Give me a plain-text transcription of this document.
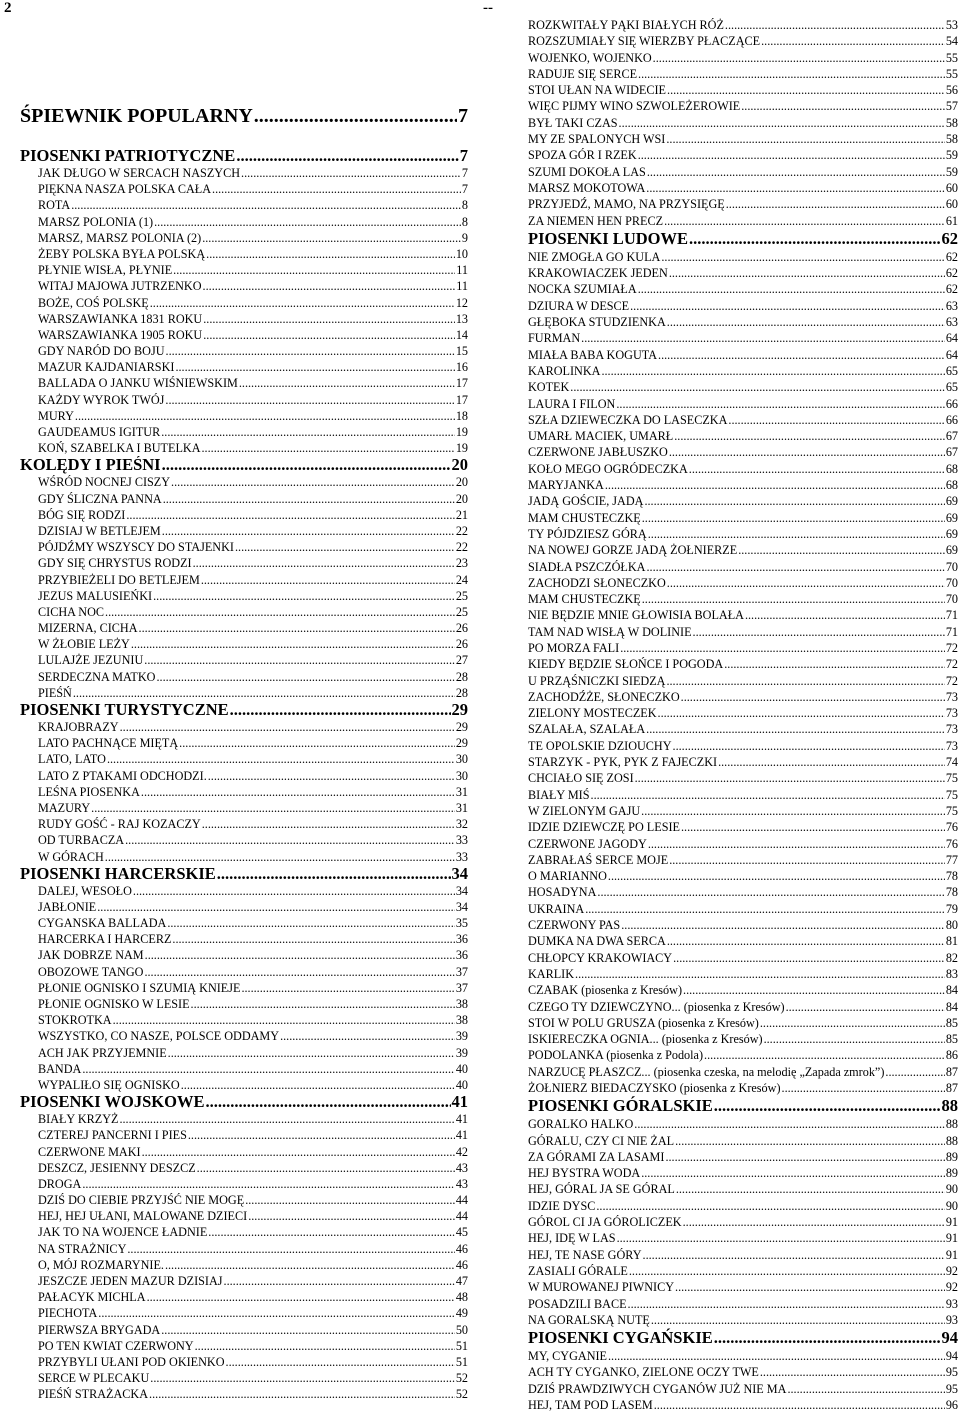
2	--
ŚPIEWNIK POPULARNY .....	7
PIOSENKI PATRIOTYCZNE .....	7
JAK DŁUGO W SERCACH NASZYCH .....	7
PIĘKNA NASZA POLSKA CAŁA .....	7
ROTA .....	8
MARSZ POLONIA (1) .....	8
MARSZ, MARSZ POLONIA (2) .....	9
ŻEBY POLSKA BYŁA POLSKĄ .....	10
PŁYNIE WISŁA, PŁYNIE .....	11
WITAJ MAJOWA JUTRZENKO .....	11
BOŻE, COŚ POLSKĘ .....	12
WARSZAWIANKA 1831 ROKU .....	13
WARSZAWIANKA 1905 ROKU .....	14
GDY NARÓD DO BOJU .....	15
MAZUR KAJDANIARSKI .....	16
BALLADA O JANKU WIŚNIEWSKIM .....	17
KAŻDY WYROK TWÓJ .....	17
MURY .....	18
GAUDEAMUS IGITUR .....	19
KOŃ, SZABELKA I BUTELKA .....	19
KOLĘDY I PIEŚNI .....	20
WŚRÓD NOCNEJ CISZY .....	20
GDY ŚLICZNA PANNA .....	20
BÓG SIĘ RODZI .....	21
DZISIAJ W BETLEJEM .....	22
PÓJDŹMY WSZYSCY DO STAJENKI .....	22
GDY SIĘ CHRYSTUS RODZI .....	23
PRZYBIEŻELI DO BETLEJEM .....	24
JEZUS MALUSIEŃKI .....	25
CICHA NOC .....	25
MIZERNA, CICHA .....	26
W ŻŁOBIE LEŻY .....	26
LULAJŻE JEZUNIU .....	27
SERDECZNA MATKO .....	28
PIEŚŃ .....	28
PIOSENKI TURYSTYCZNE .....	29
KRAJOBRAZY .....	29
LATO PACHNĄCE MIĘTĄ .....	29
LATO, LATO .....	30
LATO Z PTAKAMI ODCHODZI. .....	30
LEŚNA PIOSENKA .....	31
MAZURY .....	31
RUDY GOŚĆ - RAJ KOZACZY .....	32
OD TURBACZA .....	33
W GÓRACH .....	33
PIOSENKI HARCERSKIE .....	34
DALEJ, WESOŁO .....	34
JABŁONIE .....	34
CYGANSKA BALLADA .....	35
HARCERKA I HARCERZ .....	36
JAK DOBRZE NAM .....	36
OBOZOWE TANGO .....	37
PŁONIE OGNISKO I SZUMIĄ KNIEJE .....	37
PŁONIE OGNISKO W LESIE .....	38
STOKROTKA .....	38
WSZYSTKO, CO NASZE, POLSCE ODDAMY .....	39
ACH JAK PRZYJEMNIE .....	39
BANDA .....	40
WYPALIŁO SIĘ OGNISKO .....	40
PIOSENKI WOJSKOWE .....	41
BIAŁY KRZYŻ .....	41
CZTEREJ PANCERNI I PIES .....	41
CZERWONE MAKI .....	42
DESZCZ, JESIENNY DESZCZ .....	43
DROGA .....	43
DZIŚ DO CIEBIE PRZYJŚĆ NIE MOGĘ .....	44
HEJ, HEJ UŁANI, MALOWANE DZIECI .....	44
JAK TO NA WOJENCE ŁADNIE .....	45
NA STRAŻNICY .....	46
O, MÓJ ROZMARYNIE. .....	46
JESZCZE JEDEN MAZUR DZISIAJ .....	47
PAŁACYK MICHLA .....	48
PIECHOTA .....	49
PIERWSZA BRYGADA .....	50
PO TEN KWIAT CZERWONY .....	51
PRZYBYLI UŁANI POD OKIENKO .....	51
SERCE W PLECAKU .....	52
PIEŚŃ STRAŻACKA .....	52
ROZKWITAŁY PĄKI BIAŁYCH RÓŻ .....	53
ROZSZUMIAŁY SIĘ WIERZBY PŁACZĄCE .....	54
WOJENKO, WOJENKO .....	55
RADUJE SIĘ SERCE .....	55
STOI UŁAN NA WIDECIE .....	56
WIĘC PIJMY WINO SZWOLEŻEROWIE .....	57
BYŁ TAKI CZAS .....	58
MY ZE SPALONYCH WSI .....	58
SPOZA GÓR I RZEK .....	59
SZUMI DOKOŁA LAS .....	59
MARSZ MOKOTOWA .....	60
PRZYJEDŹ, MAMO, NA PRZYSIĘGĘ .....	60
ZA NIEMEN HEN PRECZ .....	61
PIOSENKI LUDOWE .....	62
NIE ZMOGŁA GO KULA .....	62
KRAKOWIACZEK JEDEN .....	62
NOCKA SZUMIAŁA .....	62
DZIURA W DESCE .....	63
GŁĘBOKA STUDZIENKA .....	63
FURMAN .....	64
MIAŁA BABA KOGUTA .....	64
KAROLINKA .....	65
KOTEK .....	65
LAURA I FILON .....	66
SZŁA DZIEWECZKA DO LASECZKA .....	66
UMARŁ MACIEK, UMARŁ .....	67
CZERWONE JABŁUSZKO .....	67
KOŁO MEGO OGRÓDECZKA .....	68
MARYJANKA .....	68
JADĄ GOŚCIE, JADĄ .....	69
MAM CHUSTECZKĘ .....	69
TY PÓJDZIESZ GÓRĄ .....	69
NA NOWEJ GORZE JADĄ ŻOŁNIERZE .....	69
SIADŁA PSZCZÓŁKA .....	70
ZACHODZI SŁONECZKO .....	70
MAM CHUSTECZKĘ .....	70
NIE BĘDZIE MNIE GŁOWISIA BOLAŁA .....	71
TAM NAD WISŁĄ W DOLINIE .....	71
PO MORZA FALI .....	72
KIEDY BĘDZIE SŁOŃCE I POGODA .....	72
U PRZĄŚNICZKI SIEDZĄ .....	72
ZACHODŹŻE, SŁONECZKO .....	73
ZIELONY MOSTECZEK .....	73
SZALAŁA, SZALAŁA .....	73
TE OPOLSKIE DZIOUCHY .....	73
STARZYK - PYK, PYK Z FAJECZKI .....	74
CHCIAŁO SIĘ ZOSI .....	75
BIAŁY MIŚ .....	75
W ZIELONYM GAJU .....	75
IDZIE DZIEWCZĘ PO LESIE .....	76
CZERWONE JAGODY .....	76
ZABRAŁAŚ SERCE MOJE .....	77
O MARIANNO .....	78
HOSADYNA .....	78
UKRAINA .....	79
CZERWONY PAS .....	80
DUMKA NA DWA SERCA .....	81
CHŁOPCY KRAKOWIACY .....	82
KARLIK .....	83
CZABAK (piosenka z Kresów) .....	84
CZEGO TY DZIEWCZYNO... (piosenka z Kresów) .....	84
STOI W POLU GRUSZA (piosenka z Kresów) .....	85
ISKIERECZKA OGNIA... (piosenka z Kresów) .....	85
PODOLANKA (piosenka z Podola) .....	86
NARZUCĘ PŁASZCZ... (piosenka czeska, na melodię „Zapada zmrok”) .....	87
ŻOŁNIERZ BIEDACZYSKO (piosenka z Kresów) .....	87
PIOSENKI GÓRALSKIE .....	88
GORALKO HALKO .....	88
GÓRALU, CZY CI NIE ŻAL .....	88
ZA GÓRAMI ZA LASAMI .....	89
HEJ BYSTRA WODA .....	89
HEJ, GÓRAL JA SE GÓRAL .....	90
IDZIE DYSC .....	90
GÓROL CI JA GÓROLICZEK .....	91
HEJ, IDĘ W LAS .....	91
HEJ, TE NASE GÓRY .....	91
ZASIALI GÓRALE .....	92
W MUROWANEJ PIWNICY .....	92
POSADZILI BACE .....	93
NA GORALSKĄ NUTĘ .....	93
PIOSENKI CYGAŃSKIE .....	94
MY, CYGANIE .....	94
ACH TY CYGANKO, ZIELONE OCZY TWE .....	95
DZIŚ PRAWDZIWYCH CYGANÓW JUŻ NIE MA .....	95
HEJ, TAM POD LASEM .....	96
